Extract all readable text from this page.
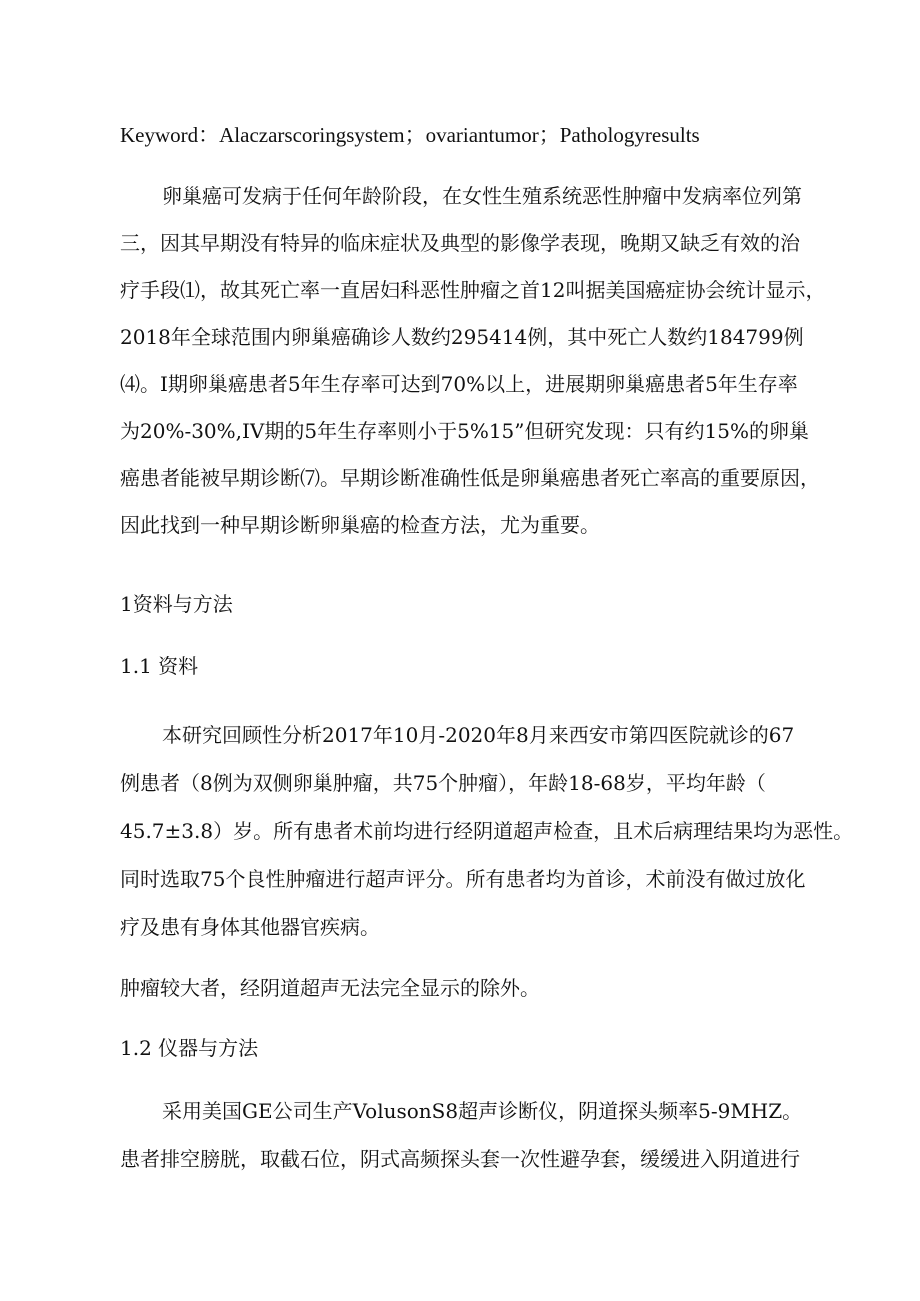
Keyword：Alaczarscoringsystem；ovariantumor；Pathologyresults
卵巢癌可发病于任何年龄阶段，在女性生殖系统恶性肿瘤中发病率位列第
三，因其早期没有特异的临床症状及典型的影像学表现，晚期又缺乏有效的治
疗手段⑴，故其死亡率一直居妇科恶性肿瘤之首12叫据美国癌症协会统计显示，
2018年全球范围内卵巢癌确诊人数约295414例，其中死亡人数约184799例
⑷。I期卵巢癌患者5年生存率可达到70%以上，进展期卵巢癌患者5年生存率
为20%-30%,IV期的5年生存率则小于5%15”但研究发现：只有约15%的卵巢
癌患者能被早期诊断⑺。早期诊断准确性低是卵巢癌患者死亡率高的重要原因，
因此找到一种早期诊断卵巢癌的检查方法，尤为重要。
1资料与方法
1.1 资料
本研究回顾性分析2017年10月-2020年8月来西安市第四医院就诊的67
例患者（8例为双侧卵巢肿瘤，共75个肿瘤），年龄18-68岁，平均年龄（
45.7±3.8）岁。所有患者术前均进行经阴道超声检查，且术后病理结果均为恶性。
同时选取75个良性肿瘤进行超声评分。所有患者均为首诊，术前没有做过放化
疗及患有身体其他器官疾病。
肿瘤较大者，经阴道超声无法完全显示的除外。
1.2 仪器与方法
采用美国GE公司生产VolusonS8超声诊断仪，阴道探头频率5-9MHZ。
患者排空膀胱，取截石位，阴式高频探头套一次性避孕套，缓缓进入阴道进行
